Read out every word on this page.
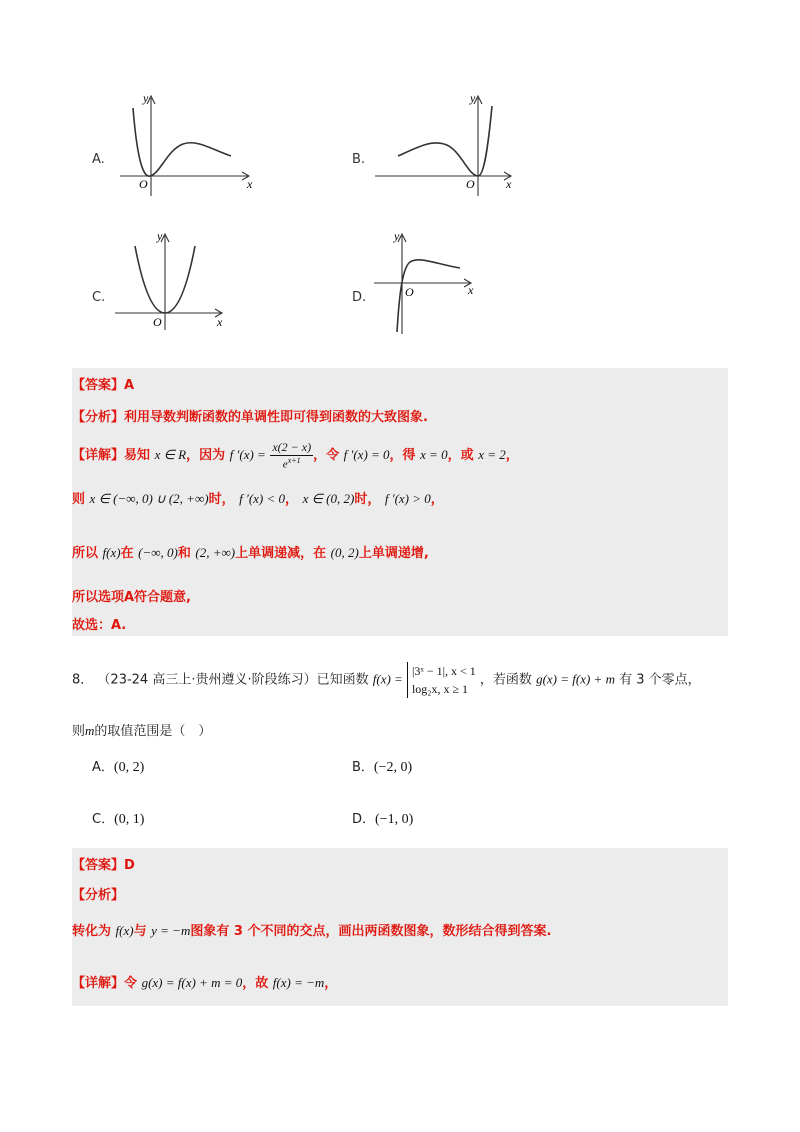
A.
O	x
y
B.
O	x
y
C.
O	x
y
D.	O	x
y
【答案】A
【分析】利用导数判断函数的单调性即可得到函数的大致图象.
【详解】易知 x ∈ R，因为 f $'(x) = \frac{x(2 - x)}{e^{x+1}}$ ，令 f ′(x) = 0，得 x = 0，或 x = 2，
则 x ∈ (−∞, 0) ∪ (2, +∞)时， f ′(x) < 0， x ∈ (0, 2)时， f ′(x) > 0，
所以 f(x)在 (−∞, 0)和 (2, +∞)上单调递减，在 (0, 2)上单调递增,
所以选项A符合题意,
故选：A.
8． （23-24 高三上·贵州遵义·阶段练习）已知函数 f(x) =
|3ˣ − 1|, x < 1
log₂x, x ≥ 1
，若函数 g(x) = f(x) + m 有 3 个零点，
则m的取值范围是（　）
A．(0, 2)	B．(−2, 0)
C．(0, 1)	D．(−1, 0)
【答案】D
【分析】
转化为 f(x)与 y = −m图象有 3 个不同的交点，画出两函数图象，数形结合得到答案.
【详解】令 g(x) = f(x) + m = 0，故 f(x) = −m，
